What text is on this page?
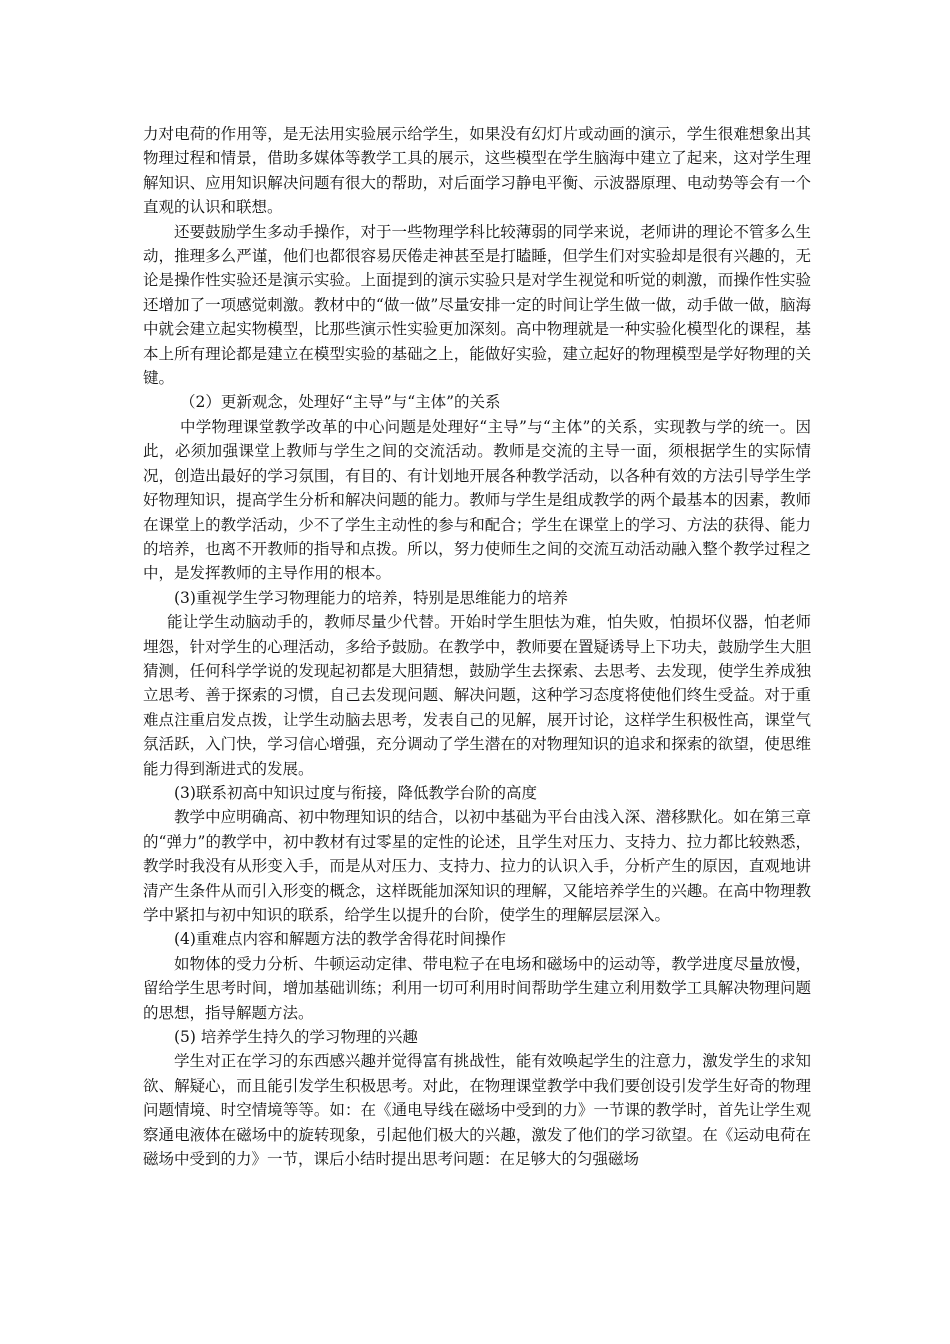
力对电荷的作用等，是无法用实验展示给学生，如果没有幻灯片或动画的演示，学生很难想象出其物理过程和情景，借助多媒体等教学工具的展示，这些模型在学生脑海中建立了起来，这对学生理解知识、应用知识解决问题有很大的帮助，对后面学习静电平衡、示波器原理、电动势等会有一个直观的认识和联想。

还要鼓励学生多动手操作，对于一些物理学科比较薄弱的同学来说，老师讲的理论不管多么生动，推理多么严谨，他们也都很容易厌倦走神甚至是打瞌睡，但学生们对实验却是很有兴趣的，无论是操作性实验还是演示实验。上面提到的演示实验只是对学生视觉和听觉的刺激，而操作性实验还增加了一项感觉刺激。教材中的“做一做”尽量安排一定的时间让学生做一做，动手做一做，脑海中就会建立起实物模型，比那些演示性实验更加深刻。高中物理就是一种实验化模型化的课程，基本上所有理论都是建立在模型实验的基础之上，能做好实验，建立起好的物理模型是学好物理的关键。

（2）更新观念，处理好“主导”与“主体”的关系

中学物理课堂教学改革的中心问题是处理好“主导”与“主体”的关系，实现教与学的统一。因此，必须加强课堂上教师与学生之间的交流活动。教师是交流的主导一面，须根据学生的实际情况，创造出最好的学习氛围，有目的、有计划地开展各种教学活动，以各种有效的方法引导学生学好物理知识，提高学生分析和解决问题的能力。教师与学生是组成教学的两个最基本的因素，教师在课堂上的教学活动，少不了学生主动性的参与和配合；学生在课堂上的学习、方法的获得、能力的培养，也离不开教师的指导和点拨。所以，努力使师生之间的交流互动活动融入整个教学过程之中，是发挥教师的主导作用的根本。

(3)重视学生学习物理能力的培养，特别是思维能力的培养

能让学生动脑动手的，教师尽量少代替。开始时学生胆怯为难，怕失败，怕损坏仪器，怕老师埋怨，针对学生的心理活动，多给予鼓励。在教学中，教师要在置疑诱导上下功夫，鼓励学生大胆猜测，任何科学学说的发现起初都是大胆猜想，鼓励学生去探索、去思考、去发现，使学生养成独立思考、善于探索的习惯，自己去发现问题、解决问题，这种学习态度将使他们终生受益。对于重难点注重启发点拨，让学生动脑去思考，发表自己的见解，展开讨论，这样学生积极性高，课堂气氛活跃，入门快，学习信心增强，充分调动了学生潜在的对物理知识的追求和探索的欲望，使思维能力得到渐进式的发展。

(3)联系初高中知识过度与衔接，降低教学台阶的高度

教学中应明确高、初中物理知识的结合，以初中基础为平台由浅入深、潜移默化。如在第三章的“弹力”的教学中，初中教材有过零星的定性的论述，且学生对压力、支持力、拉力都比较熟悉，教学时我没有从形变入手，而是从对压力、支持力、拉力的认识入手，分析产生的原因，直观地讲清产生条件从而引入形变的概念，这样既能加深知识的理解，又能培养学生的兴趣。在高中物理教学中紧扣与初中知识的联系，给学生以提升的台阶，使学生的理解层层深入。

(4)重难点内容和解题方法的教学舍得花时间操作

如物体的受力分析、牛顿运动定律、带电粒子在电场和磁场中的运动等，教学进度尽量放慢，留给学生思考时间，增加基础训练；利用一切可利用时间帮助学生建立利用数学工具解决物理问题的思想，指导解题方法。

(5) 培养学生持久的学习物理的兴趣

学生对正在学习的东西感兴趣并觉得富有挑战性，能有效唤起学生的注意力，激发学生的求知欲、解疑心，而且能引发学生积极思考。对此，在物理课堂教学中我们要创设引发学生好奇的物理问题情境、时空情境等等。如：在《通电导线在磁场中受到的力》一节课的教学时，首先让学生观察通电液体在磁场中的旋转现象，引起他们极大的兴趣，激发了他们的学习欲望。在《运动电荷在磁场中受到的力》一节，课后小结时提出思考问题：在足够大的匀强磁场
